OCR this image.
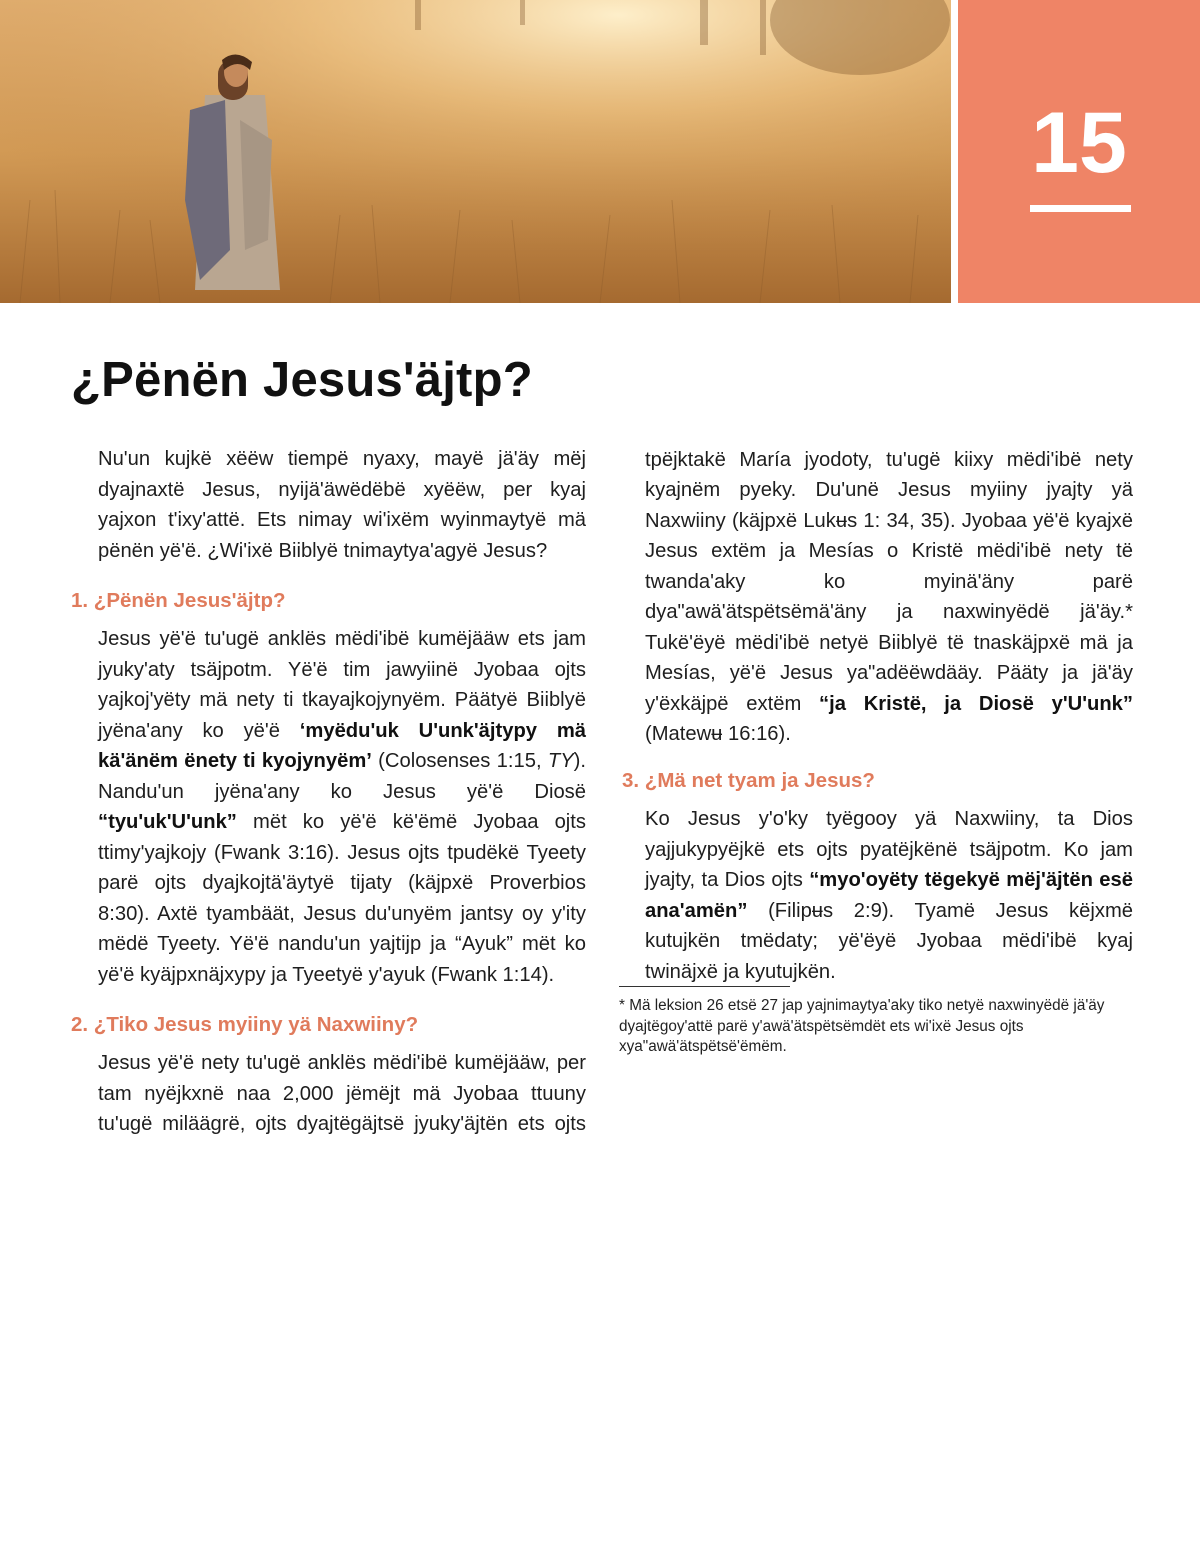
15
¿Pënën Jesus'äjtp?

Nu'un kujkë xëëw tiempë nyaxy, mayë jä'äy mëj dyajnaxtë Jesus, nyijä'äwëdëbë xyëëw, per kyaj yajxon t'ixy'attë. Ets nimay wi'ixëm wyinmaytyë mä pënën yë'ë. ¿Wi'ixë Biiblyë tnimaytya'agyë Jesus?

1. ¿Pënën Jesus'äjtp?

Jesus yë'ë tu'ugë anklës mëdi'ibë kumëjääw ets jam jyuky'aty tsäjpotm. Yë'ë tim jawyiinë Jyobaa ojts yajkoj'yëty mä nety ti tkayajkojynyëm. Päätyë Biiblyë jyëna'any ko yë'ë ‘myëdu'uk U'unk'äjtypy mä kä'änëm ënety ti kyojynyëm’ (Colosenses 1:15, TY). Nandu'un jyëna'any ko Jesus yë'ë Diosë “tyu'uk'U'unk” mët ko yë'ë kë'ëmë Jyobaa ojts ttimy'yajkojy (Fwank 3:16). Jesus ojts tpudëkë Tyeety parë ojts dyajkojtä'äytyë tijaty (käjpxë Proverbios 8:30). Axtë tyambäät, Jesus du'unyëm jantsy oy y'ity mëdë Tyeety. Yë'ë nandu'un yajtijp ja “Ayuk” mët ko yë'ë kyäjpxnäjxypy ja Tyeetyë y'ayuk (Fwank 1:14).

2. ¿Tiko Jesus myiiny yä Naxwiiny?

Jesus yë'ë nety tu'ugë anklës mëdi'ibë kumëjääw, per tam nyëjkxnë naa 2,000 jëmëjt mä Jyobaa ttuuny tu'ugë miläägrë, ojts dyajtëgäjtsë jyuky'äjtën ets ojts

tpëjktakë María jyodoty, tu'ugë kiixy mëdi'ibë nety kyajnëm pyeky. Du'unë Jesus myiiny jyajty yä Naxwiiny (käjpxë Lukʉs 1: 34, 35). Jyobaa yë'ë kyajxë Jesus extëm ja Mesías o Kristë mëdi'ibë nety të twanda'aky ko myinä'äny parë dya"awä'ätspëtsëmä'äny ja naxwinyëdë jä'äy.* Tukë'ëyë mëdi'ibë netyë Biiblyë të tnaskäjpxë mä ja Mesías, yë'ë Jesus ya"adëëwdääy. Pääty ja jä'äy y'ëxkäjpë extëm “ja Kristë, ja Diosë y'U'unk” (Matewʉ 16:16).

3. ¿Mä net tyam ja Jesus?

Ko Jesus y'o'ky tyëgooy yä Naxwiiny, ta Dios yajjukypyëjkë ets ojts pyatëjkënë tsäjpotm. Ko jam jyajty, ta Dios ojts “myo'oyëty tëgekyë mëj'äjtën esë ana'amën” (Filipʉs 2:9). Tyamë Jesus këjxmë kutujkën tmëdaty; yë'ëyë Jyobaa mëdi'ibë kyaj twinäjxë ja kyutujkën.

* Mä leksion 26 etsë 27 jap yajnimaytya'aky tiko netyë naxwinyëdë jä'äy dyajtëgoy'attë parë y'awä'ätspëtsëmdët ets wi'ixë Jesus ojts xya"awä'ätspëtsë'ëmëm.
